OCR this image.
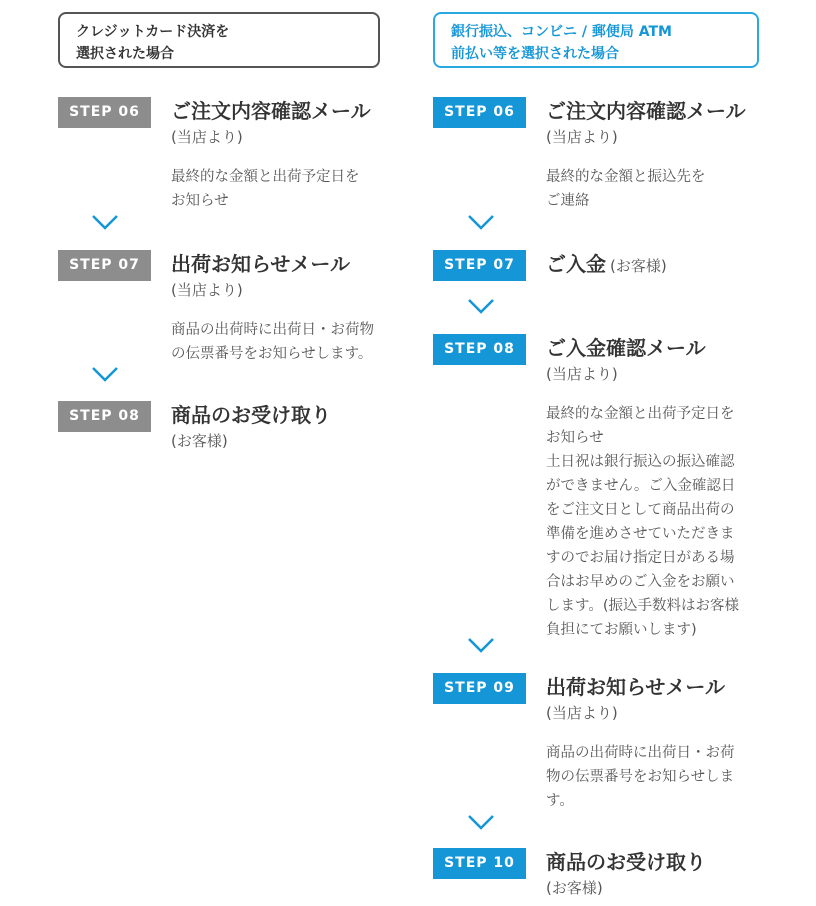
クレジットカード決済を
選択された場合
STEP 06	ご注文内容確認メール
(当店より)
最終的な金額と出荷予定日を
お知らせ
STEP 07	出荷お知らせメール
(当店より)
商品の出荷時に出荷日・お荷物
の伝票番号をお知らせします。
STEP 08	商品のお受け取り
(お客様)
銀行振込、コンビニ / 郵便局 ATM
前払い等を選択された場合
STEP 06	ご注文内容確認メール
(当店より)
最終的な金額と振込先を
ご連絡
STEP 07	ご入金 (お客様)
STEP 08	ご入金確認メール
(当店より)
最終的な金額と出荷予定日を
お知らせ
土日祝は銀行振込の振込確認
ができません。ご入金確認日
をご注文日として商品出荷の
準備を進めさせていただきま
すのでお届け指定日がある場
合はお早めのご入金をお願い
します。(振込手数料はお客様
負担にてお願いします)
STEP 09	出荷お知らせメール
(当店より)
商品の出荷時に出荷日・お荷
物の伝票番号をお知らせしま
す。
STEP 10	商品のお受け取り
(お客様)
